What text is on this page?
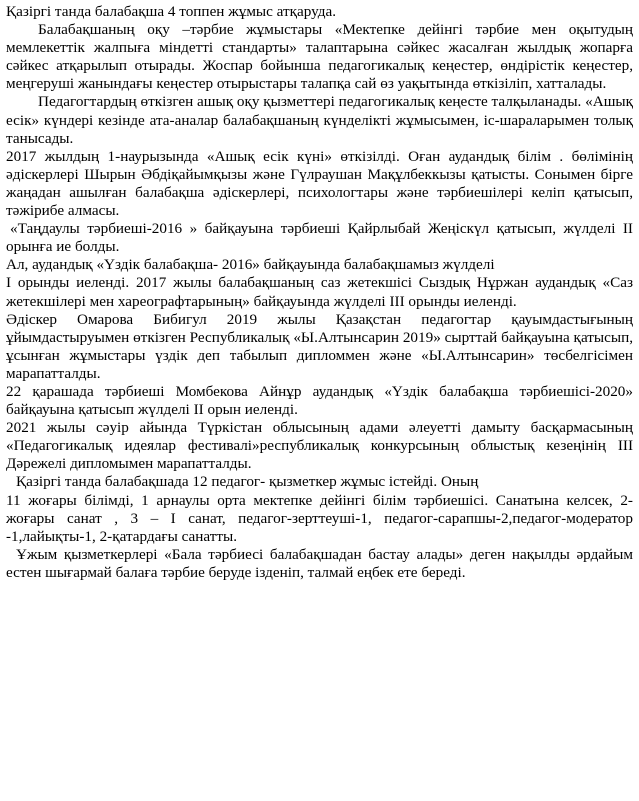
Қазіргі танда балабақша 4 топпен жұмыс атқаруда.

Балабақшаның оқу –тәрбие жұмыстары «Мектепке дейінгі тәрбие мен оқытудың мемлекеттік жалпыға міндетті стандарты» талаптарына сәйкес жасалған жылдық жопарға сәйкес атқарылып отырады. Жоспар бойынша педагогикалық кеңестер, өндірістік кеңестер, меңгеруші жанындағы кеңестер отырыстары талапқа сай өз уақытында өткізіліп, хатталады.

Педагогтардың өткізген ашық оқу қызметтері педагогикалық кеңесте талқыланады. «Ашық есік» күндері кезінде ата-аналар балабақшаның күнделікті жұмысымен, іс-шараларымен толық танысады.

2017 жылдың 1-наурызында «Ашық есік күні» өткізілді. Оған аудандық білім . бөлімінің әдіскерлері Шырын Әбдіқайымқызы және Гүлраушан Мақұлбеккызы қатысты. Сонымен бірге жаңадан ашылған балабақша әдіскерлері, психологтары және тәрбиешілері келіп қатысып, тәжірибе алмасы.

«Таңдаулы тәрбиеші-2016 » байқауына тәрбиеші Қайрлыбай Жеңіскүл қатысып, жүлделі II орынға ие болды.

Ал, аудандық «Үздік балабақша- 2016» байқауында балабақшамыз жүлделі

I орынды иеленді. 2017 жылы балабақшаның саз жетекшісі Сыздық Нұржан аудандық «Саз жетекшілері мен хареографтарының» байқауында жүлделі III орынды иеленді.

Әдіскер Омарова Бибигул 2019 жылы Қазақстан педагогтар қауымдастығының ұйымдастыруымен өткізген Республикалық «Ы.Алтынсарин 2019» сырттай байқауына қатысып, ұсынған жұмыстары үздік деп табылып дипломмен және «Ы.Алтынсарин» төсбелгісімен марапатталды.

22 қарашада тәрбиеші Момбекова Айнұр аудандық «Үздік балабақша тәрбиешісі-2020» байқауына қатысып жүлделі II орын иеленді.

2021 жылы сәуір айында Түркістан облысының адами әлеуетті дамыту басқармасының «Педагогикалық идеялар фестивалі»республикалық конкурсының облыстық кезеңінің III Дәрежелі дипломымен марапатталды.

Қазіргі танда балабақшада 12 педагог- қызметкер жұмыс істейді. Оның

11 жоғары білімді, 1 арнаулы орта мектепке дейінгі білім тәрбиешісі. Санатына келсек, 2- жоғары санат , 3 – I санат, педагог-зерттеуші-1, педагог-сарапшы-2,педагог-модератор -1,лайықты-1, 2-қатардағы санатты.

Ұжым қызметкерлері «Бала тәрбиесі балабақшадан бастау алады» деген нақылды әрдайым естен шығармай балаға тәрбие беруде ізденіп, талмай еңбек ете береді.
